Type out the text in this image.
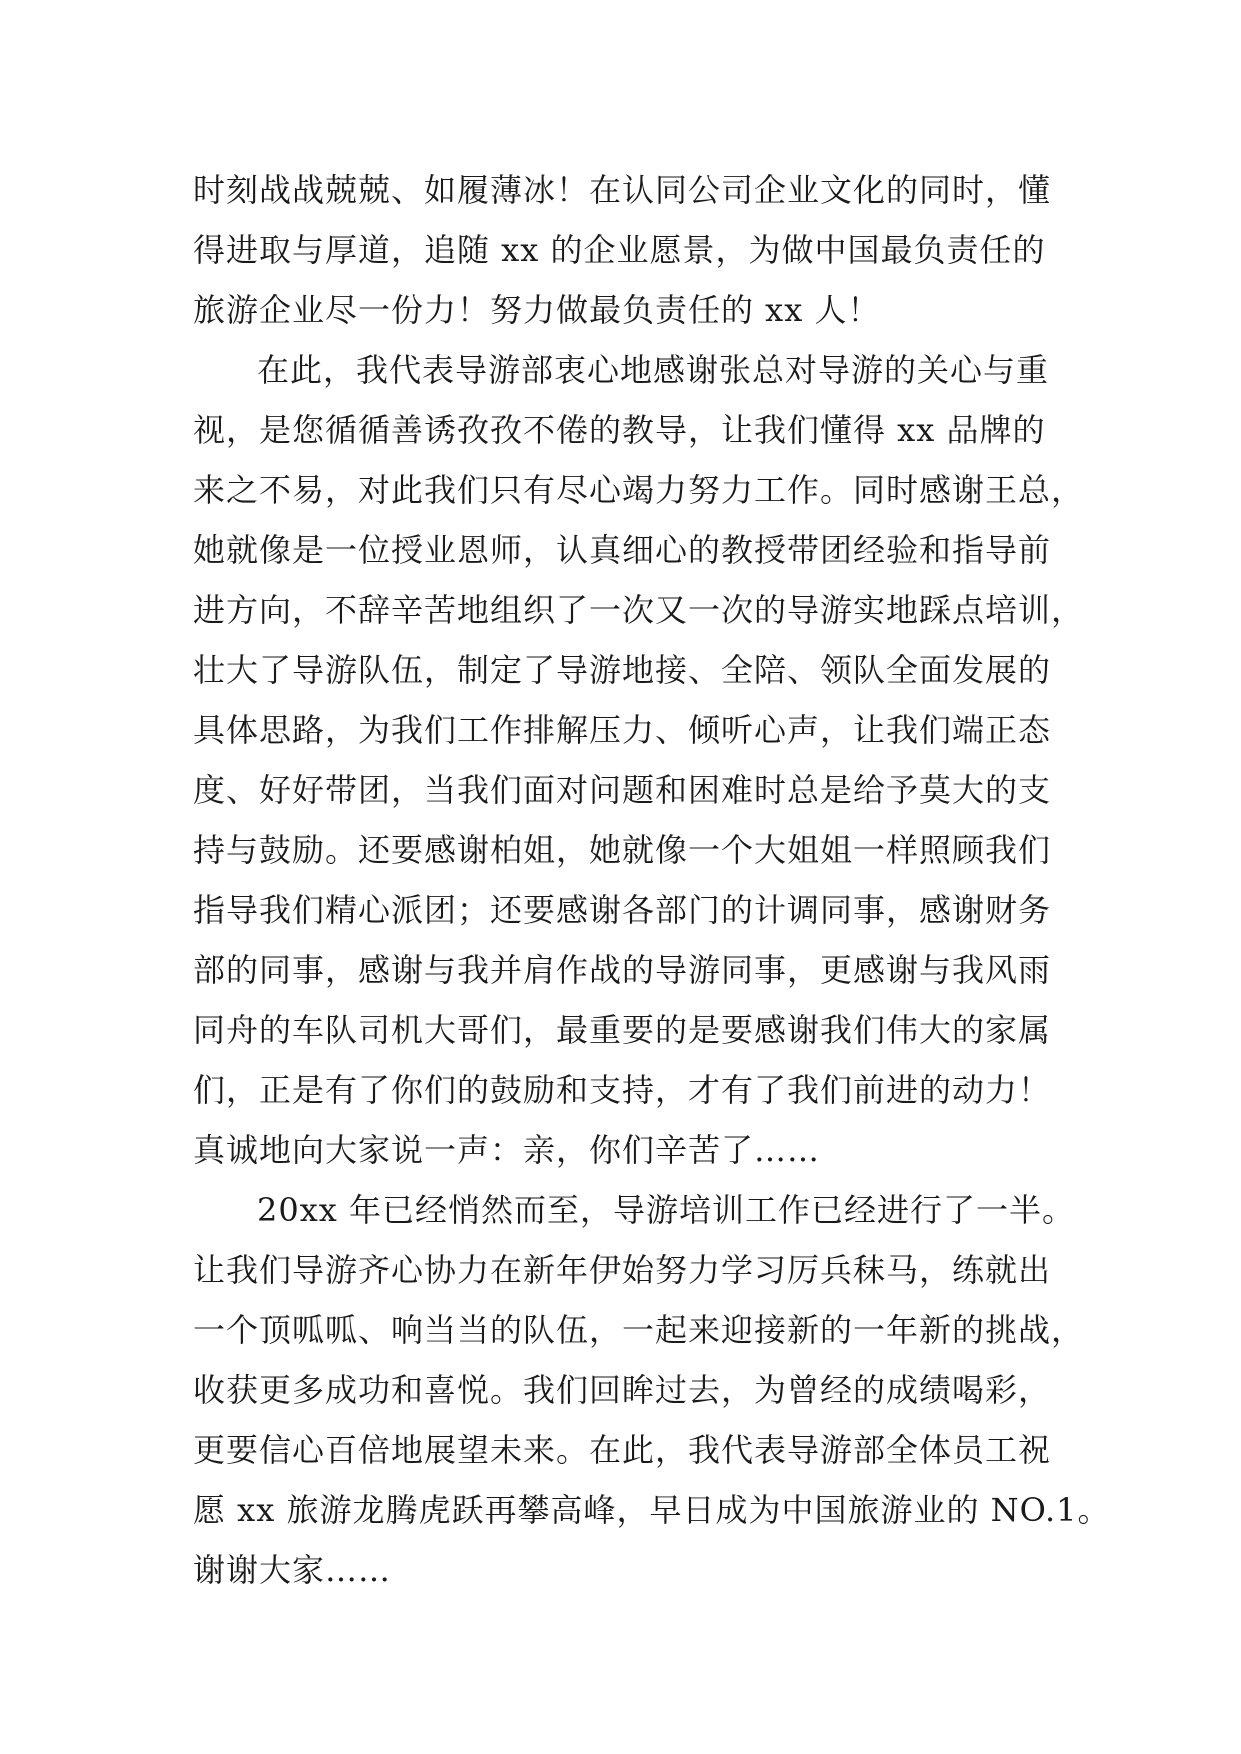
时刻战战兢兢、如履薄冰！在认同公司企业文化的同时，懂
得进取与厚道，追随 xx 的企业愿景，为做中国最负责任的
旅游企业尽一份力！努力做最负责任的 xx 人！
在此，我代表导游部衷心地感谢张总对导游的关心与重
视，是您循循善诱孜孜不倦的教导，让我们懂得 xx 品牌的
来之不易，对此我们只有尽心竭力努力工作。同时感谢王总，
她就像是一位授业恩师，认真细心的教授带团经验和指导前
进方向，不辞辛苦地组织了一次又一次的导游实地踩点培训，
壮大了导游队伍，制定了导游地接、全陪、领队全面发展的
具体思路，为我们工作排解压力、倾听心声，让我们端正态
度、好好带团，当我们面对问题和困难时总是给予莫大的支
持与鼓励。还要感谢柏姐，她就像一个大姐姐一样照顾我们
指导我们精心派团；还要感谢各部门的计调同事，感谢财务
部的同事，感谢与我并肩作战的导游同事，更感谢与我风雨
同舟的车队司机大哥们，最重要的是要感谢我们伟大的家属
们，正是有了你们的鼓励和支持，才有了我们前进的动力！
真诚地向大家说一声：亲，你们辛苦了……
20xx 年已经悄然而至，导游培训工作已经进行了一半。
让我们导游齐心协力在新年伊始努力学习厉兵秣马，练就出
一个顶呱呱、响当当的队伍，一起来迎接新的一年新的挑战，
收获更多成功和喜悦。我们回眸过去，为曾经的成绩喝彩，
更要信心百倍地展望未来。在此，我代表导游部全体员工祝
愿 xx 旅游龙腾虎跃再攀高峰，早日成为中国旅游业的 NO.1。
谢谢大家……
